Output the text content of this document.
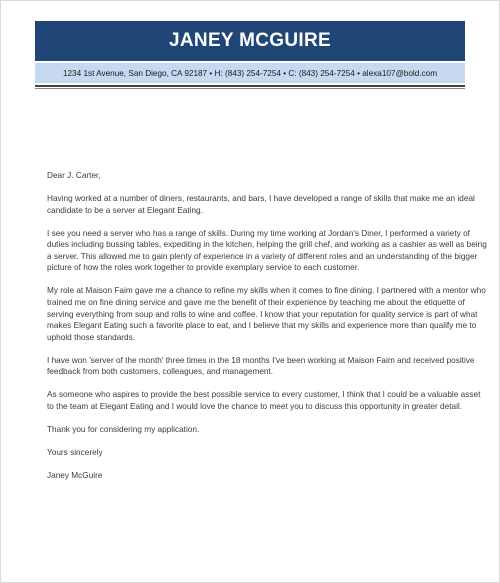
JANEY MCGUIRE
1234 1st Avenue, San Diego, CA 92187 • H: (843) 254-7254 • C: (843) 254-7254 • alexa107@bold.com

Dear J. Carter,

Having worked at a number of diners, restaurants, and bars, I have developed a range of skills that make me an ideal candidate to be a server at Elegant Eating.

I see you need a server who has a range of skills. During my time working at Jordan's Diner, I performed a variety of duties including bussing tables, expediting in the kitchen, helping the grill chef, and working as a cashier as well as being a server. This allowed me to gain plenty of experience in a variety of different roles and an understanding of the bigger picture of how the roles work together to provide exemplary service to each customer.

My role at Maison Faim gave me a chance to refine my skills when it comes to fine dining. I partnered with a mentor who trained me on fine dining service and gave me the benefit of their experience by teaching me about the etiquette of serving everything from soup and rolls to wine and coffee. I know that your reputation for quality service is part of what makes Elegant Eating such a favorite place to eat, and I believe that my skills and experience more than qualify me to uphold those standards.

I have won 'server of the month' three times in the 18 months I've been working at Maison Faim and received positive feedback from both customers, colleagues, and management.

As someone who aspires to provide the best possible service to every customer, I think that I could be a valuable asset to the team at Elegant Eating and I would love the chance to meet you to discuss this opportunity in greater detail.

Thank you for considering my application.

Yours sincerely

Janey McGuire
